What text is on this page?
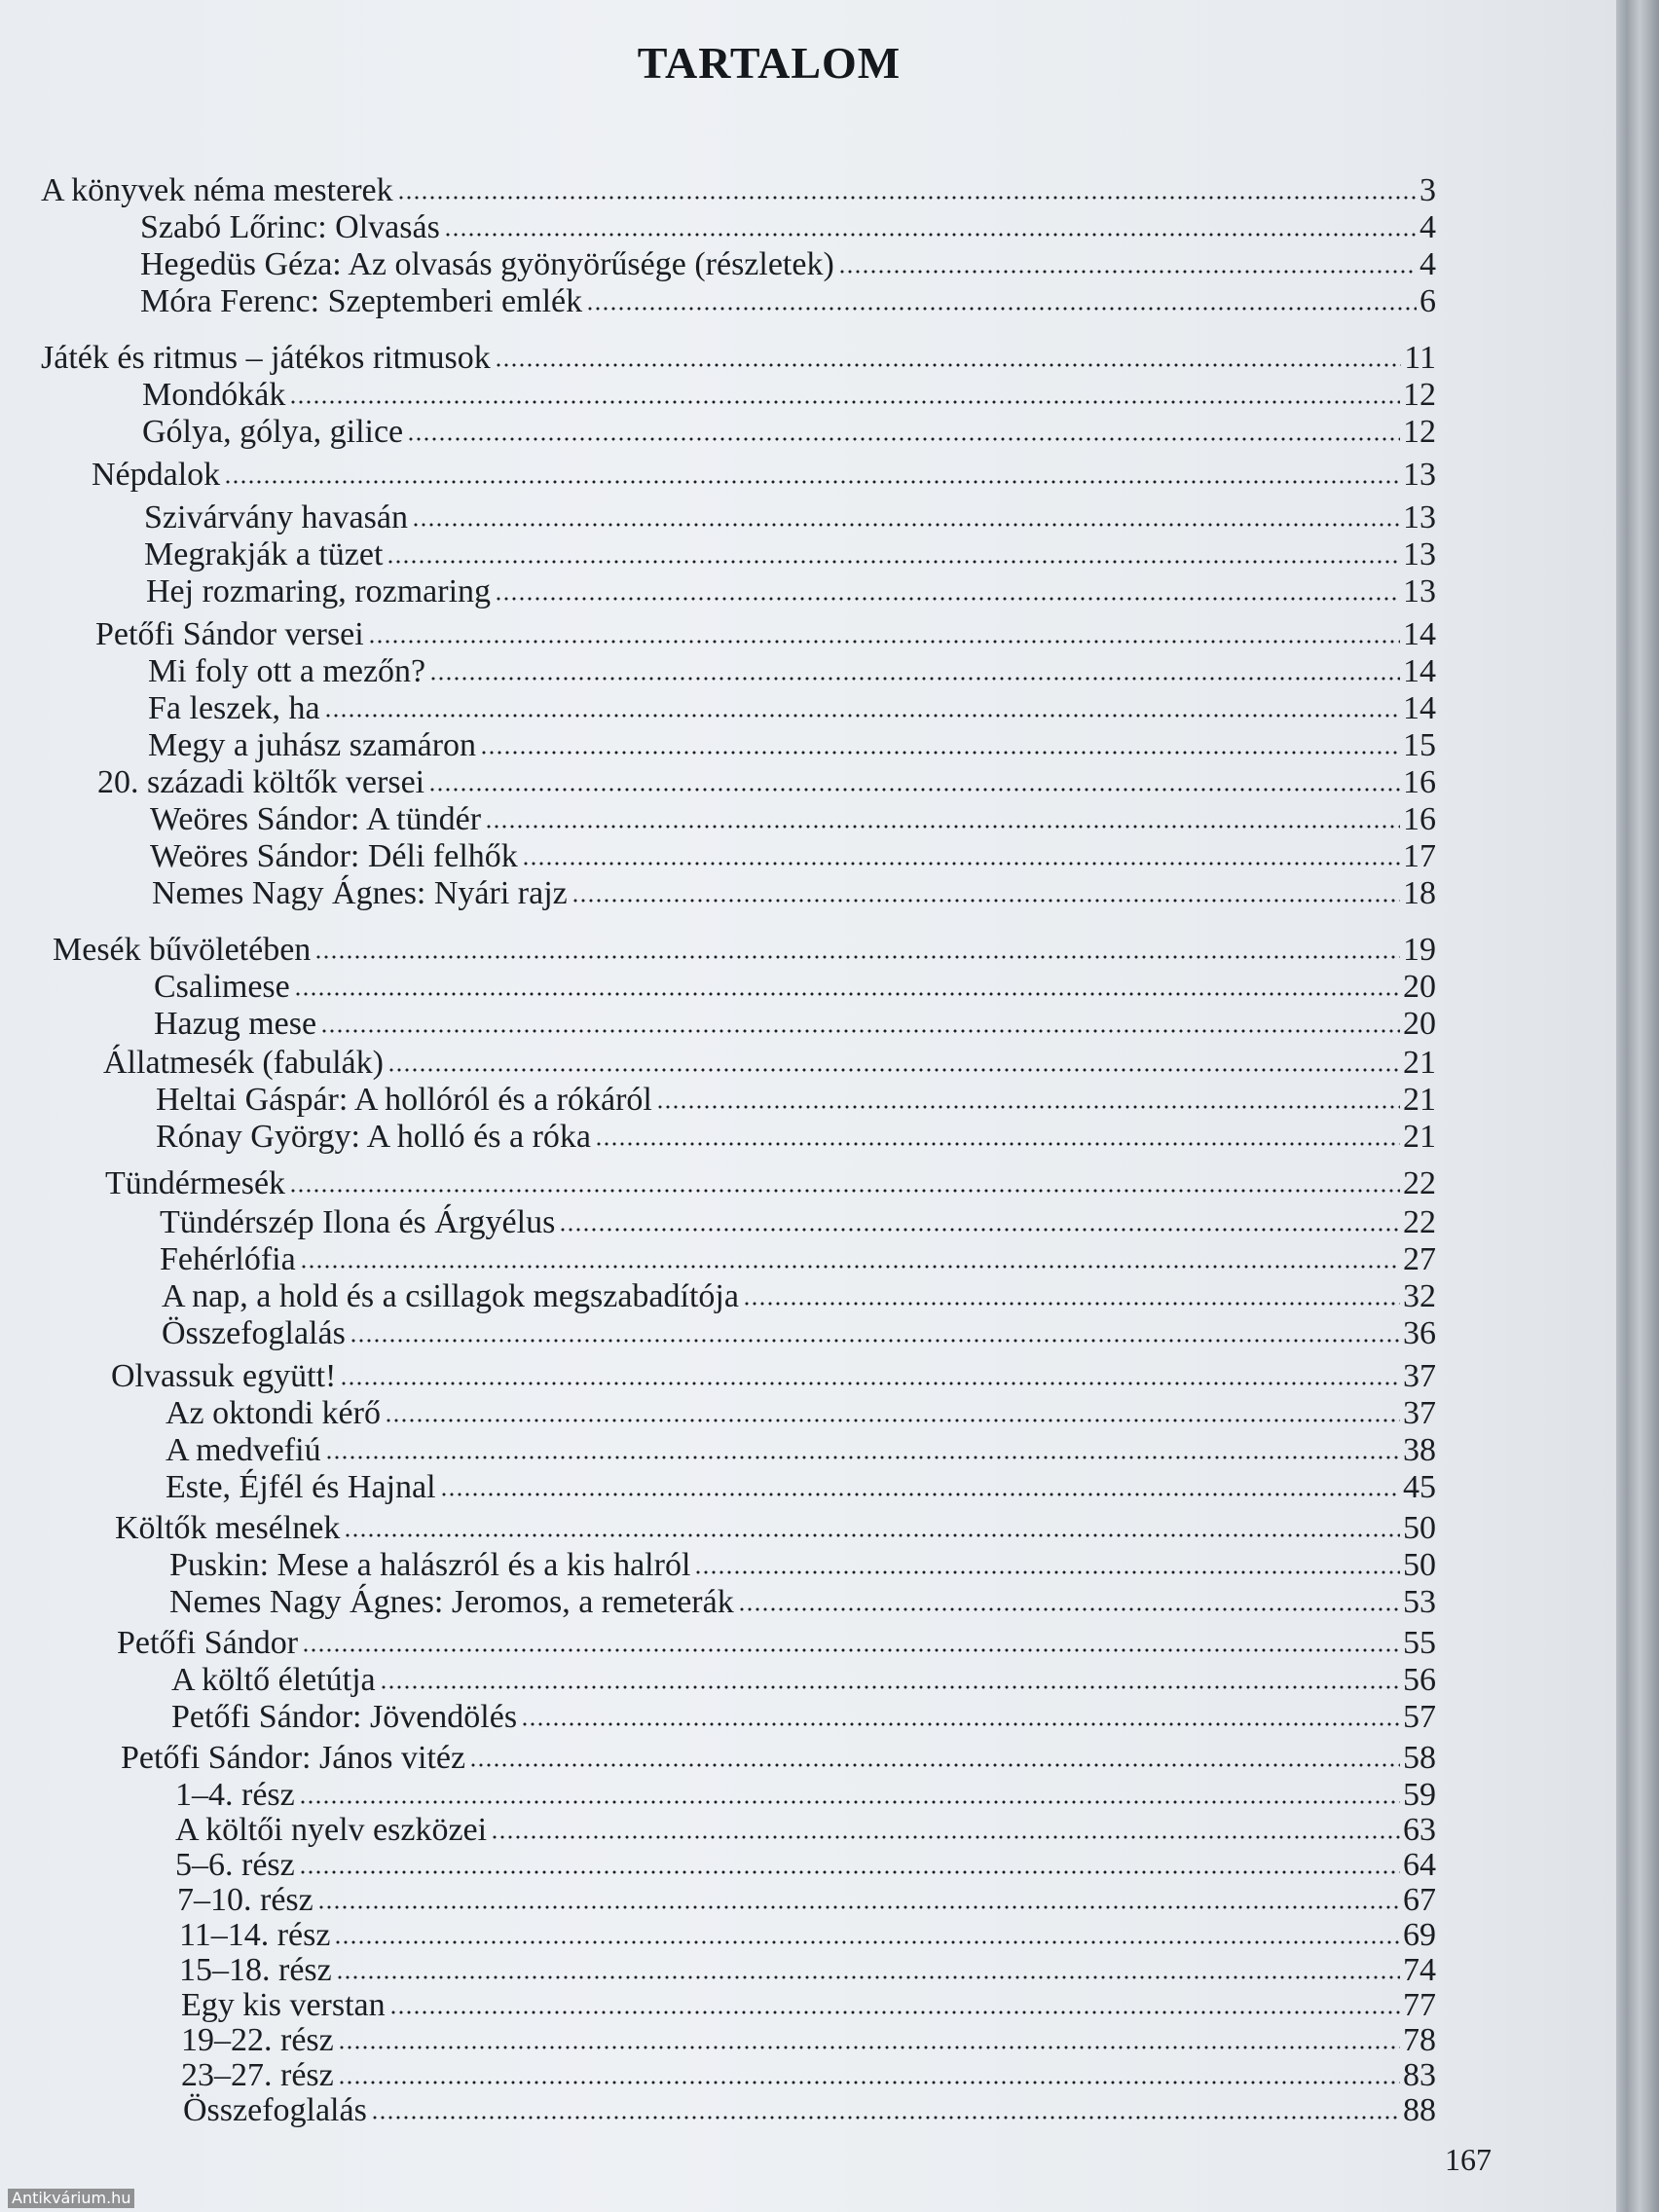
TARTALOM
A könyvek néma mesterek	3
Szabó Lőrinc: Olvasás	4
Hegedüs Géza: Az olvasás gyönyörűsége (részletek)	4
Móra Ferenc: Szeptemberi emlék	6
Játék és ritmus – játékos ritmusok	11
Mondókák	12
Gólya, gólya, gilice	12
Népdalok	13
Szivárvány havasán	13
Megrakják a tüzet	13
Hej rozmaring, rozmaring	13
Petőfi Sándor versei	14
Mi foly ott a mezőn?	14
Fa leszek, ha	14
Megy a juhász szamáron	15
20. századi költők versei	16
Weöres Sándor: A tündér	16
Weöres Sándor: Déli felhők	17
Nemes Nagy Ágnes: Nyári rajz	18
Mesék bűvöletében	19
Csalimese	20
Hazug mese	20
Állatmesék (fabulák)	21
Heltai Gáspár: A hollóról és a rókáról	21
Rónay György: A holló és a róka	21
Tündérmesék	22
Tündérszép Ilona és Árgyélus	22
Fehérlófia	27
A nap, a hold és a csillagok megszabadítója	32
Összefoglalás	36
Olvassuk együtt!	37
Az oktondi kérő	37
A medvefiú	38
Este, Éjfél és Hajnal	45
Költők mesélnek	50
Puskin: Mese a halászról és a kis halról	50
Nemes Nagy Ágnes: Jeromos, a remeterák	53
Petőfi Sándor	55
A költő életútja	56
Petőfi Sándor: Jövendölés	57
Petőfi Sándor: János vitéz	58
1–4. rész	59
A költői nyelv eszközei	63
5–6. rész	64
7–10. rész	67
11–14. rész	69
15–18. rész	74
Egy kis verstan	77
19–22. rész	78
23–27. rész	83
Összefoglalás	88
167
Antikvárium.hu
